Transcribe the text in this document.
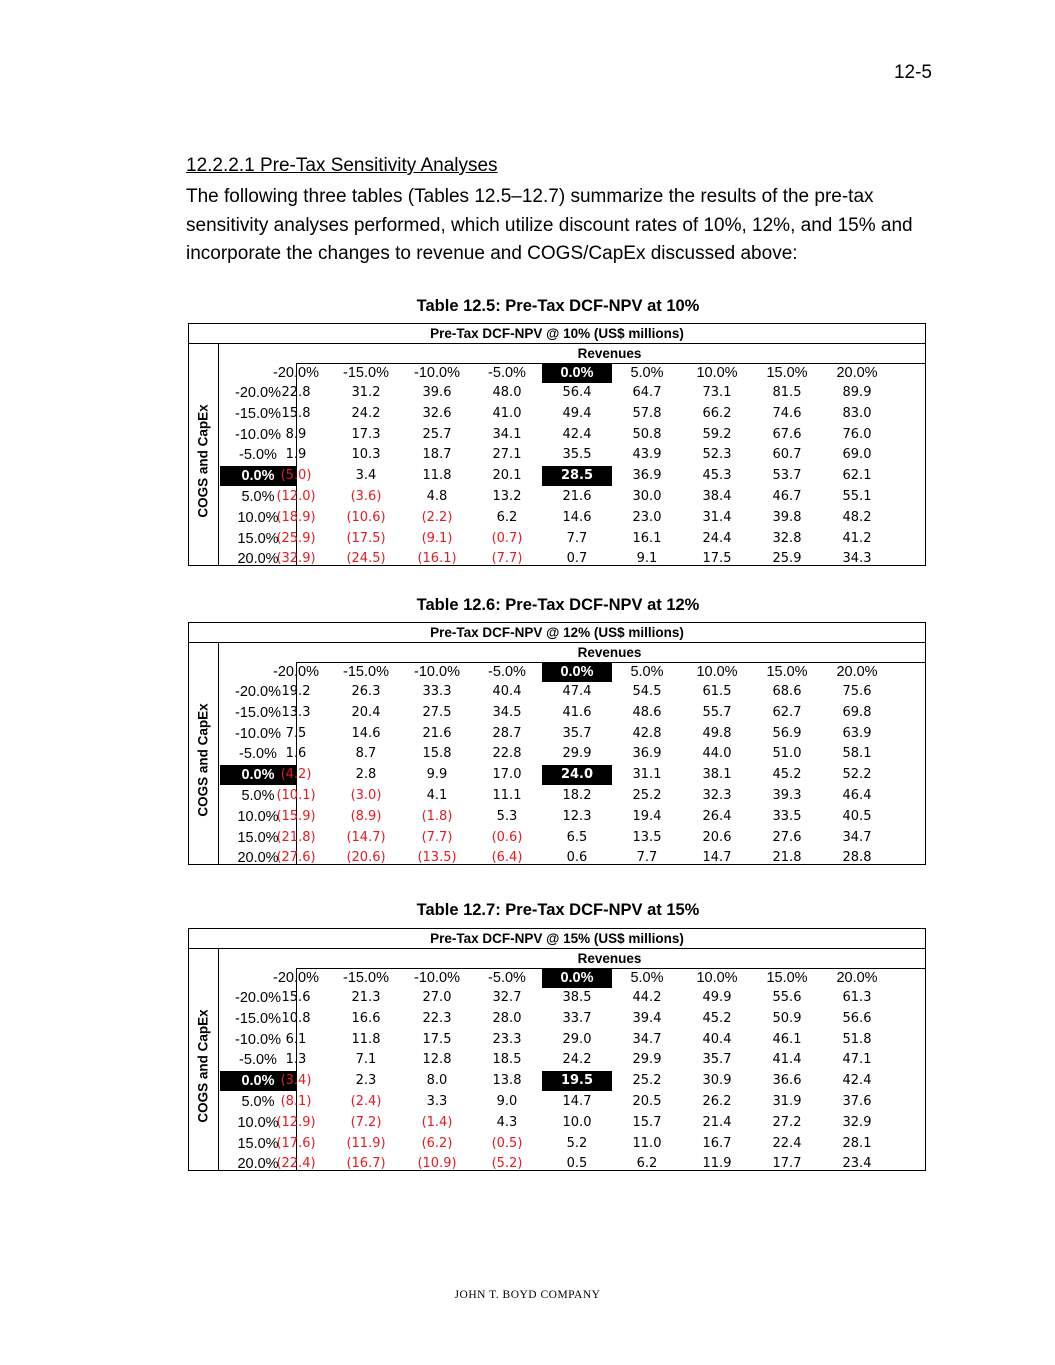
12-5
12.2.2.1 Pre-Tax Sensitivity Analyses

The following three tables (Tables 12.5–12.7) summarize the results of the pre-tax sensitivity analyses performed, which utilize discount rates of 10%, 12%, and 15% and incorporate the changes to revenue and COGS/CapEx discussed above:

Table 12.5: Pre-Tax DCF-NPV at 10%
Pre-Tax DCF-NPV @ 10% (US$ millions)
Revenues
COGS and CapEx
-20.0%	-15.0%	-10.0%	-5.0%	0.0%	5.0%	10.0%	15.0%	20.0%
-20.0% 22.8	31.2	39.6	48.0	56.4	64.7	73.1	81.5	89.9
-15.0% 15.8	24.2	32.6	41.0	49.4	57.8	66.2	74.6	83.0
-10.0% 8.9	17.3	25.7	34.1	42.4	50.8	59.2	67.6	76.0
-5.0% 1.9	10.3	18.7	27.1	35.5	43.9	52.3	60.7	69.0
0.0% (5.0)	3.4	11.8	20.1	28.5	36.9	45.3	53.7	62.1
5.0% (12.0)	(3.6)	4.8	13.2	21.6	30.0	38.4	46.7	55.1
10.0%
(18.9)	(10.6)	(2.2)	6.2	14.6	23.0	31.4	39.8	48.2
15.0%
(25.9)	(17.5)	(9.1)	(0.7)	7.7	16.1	24.4	32.8	41.2
20.0%
(32.9)	(24.5)	(16.1)	(7.7)	0.7	9.1	17.5	25.9	34.3
Table 12.6: Pre-Tax DCF-NPV at 12%
Pre-Tax DCF-NPV @ 12% (US$ millions)
Revenues
COGS and CapEx
-20.0%	-15.0%	-10.0%	-5.0%	0.0%	5.0%	10.0%	15.0%	20.0%
-20.0% 19.2	26.3	33.3	40.4	47.4	54.5	61.5	68.6	75.6
-15.0% 13.3	20.4	27.5	34.5	41.6	48.6	55.7	62.7	69.8
-10.0% 7.5	14.6	21.6	28.7	35.7	42.8	49.8	56.9	63.9
-5.0% 1.6	8.7	15.8	22.8	29.9	36.9	44.0	51.0	58.1
0.0% (4.2)	2.8	9.9	17.0	24.0	31.1	38.1	45.2	52.2
5.0% (10.1)	(3.0)	4.1	11.1	18.2	25.2	32.3	39.3	46.4
10.0%
(15.9)	(8.9)	(1.8)	5.3	12.3	19.4	26.4	33.5	40.5
15.0%
(21.8)	(14.7)	(7.7)	(0.6)	6.5	13.5	20.6	27.6	34.7
20.0%
(27.6)	(20.6)	(13.5)	(6.4)	0.6	7.7	14.7	21.8	28.8
Table 12.7: Pre-Tax DCF-NPV at 15%
Pre-Tax DCF-NPV @ 15% (US$ millions)
Revenues
COGS and CapEx
-20.0%	-15.0%	-10.0%	-5.0%	0.0%	5.0%	10.0%	15.0%	20.0%
-20.0% 15.6	21.3	27.0	32.7	38.5	44.2	49.9	55.6	61.3
-15.0% 10.8	16.6	22.3	28.0	33.7	39.4	45.2	50.9	56.6
-10.0% 6.1	11.8	17.5	23.3	29.0	34.7	40.4	46.1	51.8
-5.0% 1.3	7.1	12.8	18.5	24.2	29.9	35.7	41.4	47.1
0.0% (3.4)	2.3	8.0	13.8	19.5	25.2	30.9	36.6	42.4
5.0% (8.1)	(2.4)	3.3	9.0	14.7	20.5	26.2	31.9	37.6
10.0%
(12.9)	(7.2)	(1.4)	4.3	10.0	15.7	21.4	27.2	32.9
15.0%
(17.6)	(11.9)	(6.2)	(0.5)	5.2	11.0	16.7	22.4	28.1
20.0%
(22.4)	(16.7)	(10.9)	(5.2)	0.5	6.2	11.9	17.7	23.4
JOHN T. BOYD COMPANY
